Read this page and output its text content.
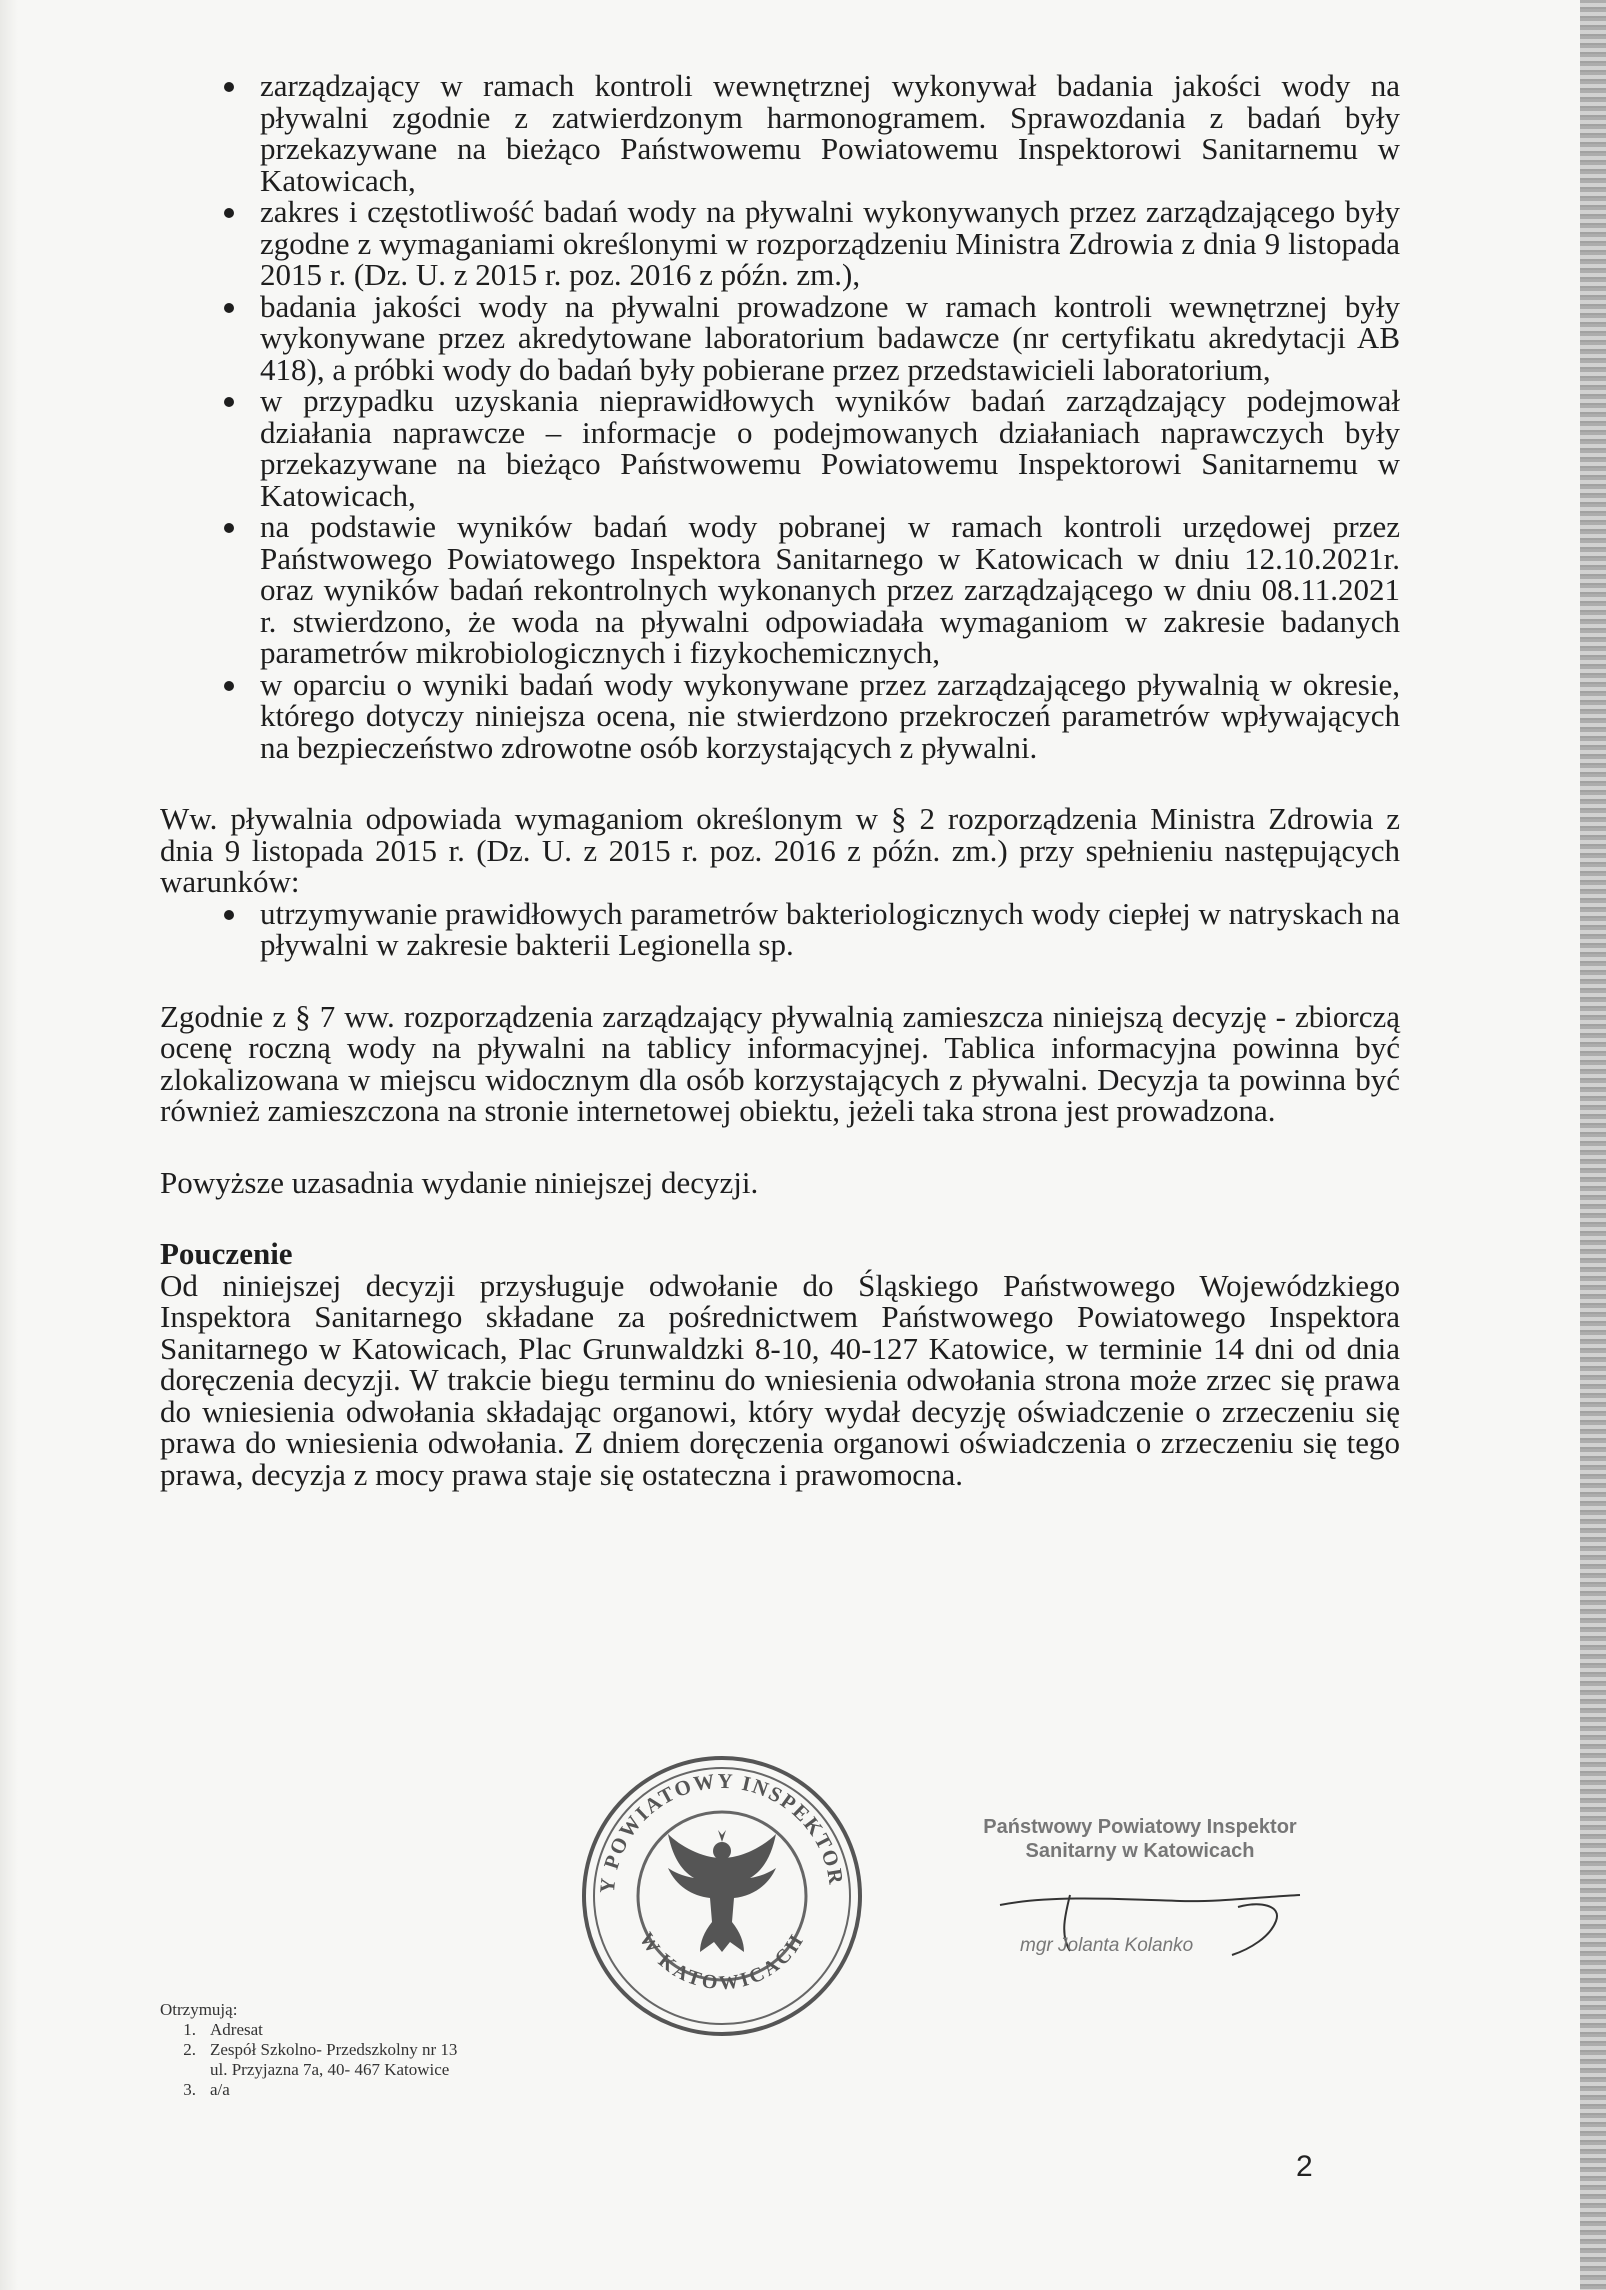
zarządzający w ramach kontroli wewnętrznej wykonywał badania jakości wody na pływalni zgodnie z zatwierdzonym harmonogramem. Sprawozdania z badań były przekazywane na bieżąco Państwowemu Powiatowemu Inspektorowi Sanitarnemu w Katowicach,
zakres i częstotliwość badań wody na pływalni wykonywanych przez zarządzającego były zgodne z wymaganiami określonymi w rozporządzeniu Ministra Zdrowia z dnia 9 listopada 2015 r. (Dz. U. z 2015 r. poz. 2016 z późn. zm.),
badania jakości wody na pływalni prowadzone w ramach kontroli wewnętrznej były wykonywane przez akredytowane laboratorium badawcze (nr certyfikatu akredytacji AB 418), a próbki wody do badań były pobierane przez przedstawicieli laboratorium,
w przypadku uzyskania nieprawidłowych wyników badań zarządzający podejmował działania naprawcze – informacje o podejmowanych działaniach naprawczych były przekazywane na bieżąco Państwowemu Powiatowemu Inspektorowi Sanitarnemu w Katowicach,
na podstawie wyników badań wody pobranej w ramach kontroli urzędowej przez Państwowego Powiatowego Inspektora Sanitarnego w Katowicach w dniu 12.10.2021r. oraz wyników badań rekontrolnych wykonanych przez zarządzającego w dniu 08.11.2021 r. stwierdzono, że woda na pływalni odpowiadała wymaganiom w zakresie badanych parametrów mikrobiologicznych i fizykochemicznych,
w oparciu o wyniki badań wody wykonywane przez zarządzającego pływalnią w okresie, którego dotyczy niniejsza ocena, nie stwierdzono przekroczeń parametrów wpływających na bezpieczeństwo zdrowotne osób korzystających z pływalni.

Ww. pływalnia odpowiada wymaganiom określonym w § 2 rozporządzenia Ministra Zdrowia z dnia 9 listopada 2015 r. (Dz. U. z 2015 r. poz. 2016 z późn. zm.) przy spełnieniu następujących warunków:

utrzymywanie prawidłowych parametrów bakteriologicznych wody ciepłej w natryskach na pływalni w zakresie bakterii Legionella sp.

Zgodnie z § 7 ww. rozporządzenia zarządzający pływalnią zamieszcza niniejszą decyzję - zbiorczą ocenę roczną wody na pływalni na tablicy informacyjnej. Tablica informacyjna powinna być zlokalizowana w miejscu widocznym dla osób korzystających z pływalni. Decyzja ta powinna być również zamieszczona na stronie internetowej obiektu, jeżeli taka strona jest prowadzona.

Powyższe uzasadnia wydanie niniejszej decyzji.

Pouczenie

Od niniejszej decyzji przysługuje odwołanie do Śląskiego Państwowego Wojewódzkiego Inspektora Sanitarnego składane za pośrednictwem Państwowego Powiatowego Inspektora Sanitarnego w Katowicach, Plac Grunwaldzki 8-10, 40-127 Katowice, w terminie 14 dni od dnia doręczenia decyzji. W trakcie biegu terminu do wniesienia odwołania strona może zrzec się prawa do wniesienia odwołania składając organowi, który wydał decyzję oświadczenie o zrzeczeniu się prawa do wniesienia odwołania. Z dniem doręczenia organowi oświadczenia o zrzeczeniu się tego prawa, decyzja z mocy prawa staje się ostateczna i prawomocna.

Y POWIATOWY INSPEKTOR
W KATOWICACH
Państwowy Powiatowy Inspektor
Sanitarny w Katowicach
mgr Jolanta Kolanko
Otrzymują:
1. Adresat
2. Zespół Szkolno- Przedszkolny nr 13
ul. Przyjazna 7a, 40- 467 Katowice
3. a/a
2
